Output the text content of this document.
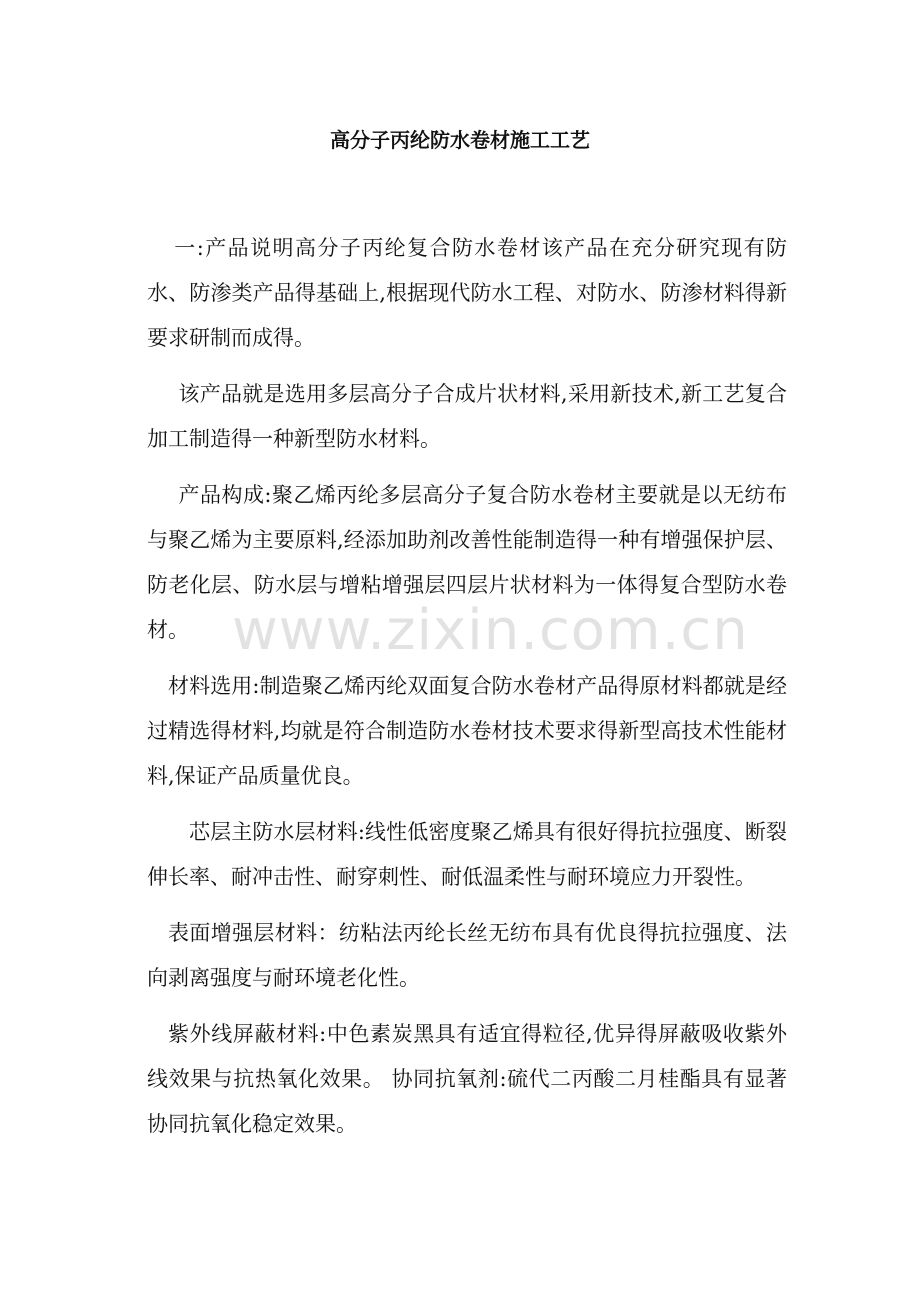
高分子丙纶防水卷材施工工艺

一:产品说明高分子丙纶复合防水卷材该产品在充分研究现有防水、防渗类产品得基础上,根据现代防水工程、对防水、防渗材料得新要求研制而成得。

该产品就是选用多层高分子合成片状材料,采用新技术,新工艺复合加工制造得一种新型防水材料。

产品构成:聚乙烯丙纶多层高分子复合防水卷材主要就是以无纺布与聚乙烯为主要原料,经添加助剂改善性能制造得一种有增强保护层、防老化层、防水层与增粘增强层四层片状材料为一体得复合型防水卷材。

材料选用:制造聚乙烯丙纶双面复合防水卷材产品得原材料都就是经过精选得材料,均就是符合制造防水卷材技术要求得新型高技术性能材料,保证产品质量优良。

芯层主防水层材料:线性低密度聚乙烯具有很好得抗拉强度、断裂伸长率、耐冲击性、耐穿刺性、耐低温柔性与耐环境应力开裂性。

表面增强层材料：纺粘法丙纶长丝无纺布具有优良得抗拉强度、法向剥离强度与耐环境老化性。

紫外线屏蔽材料:中色素炭黑具有适宜得粒径,优异得屏蔽吸收紫外线效果与抗热氧化效果。 协同抗氧剂:硫代二丙酸二月桂酯具有显著协同抗氧化稳定效果。

www.zixin.com.cn
